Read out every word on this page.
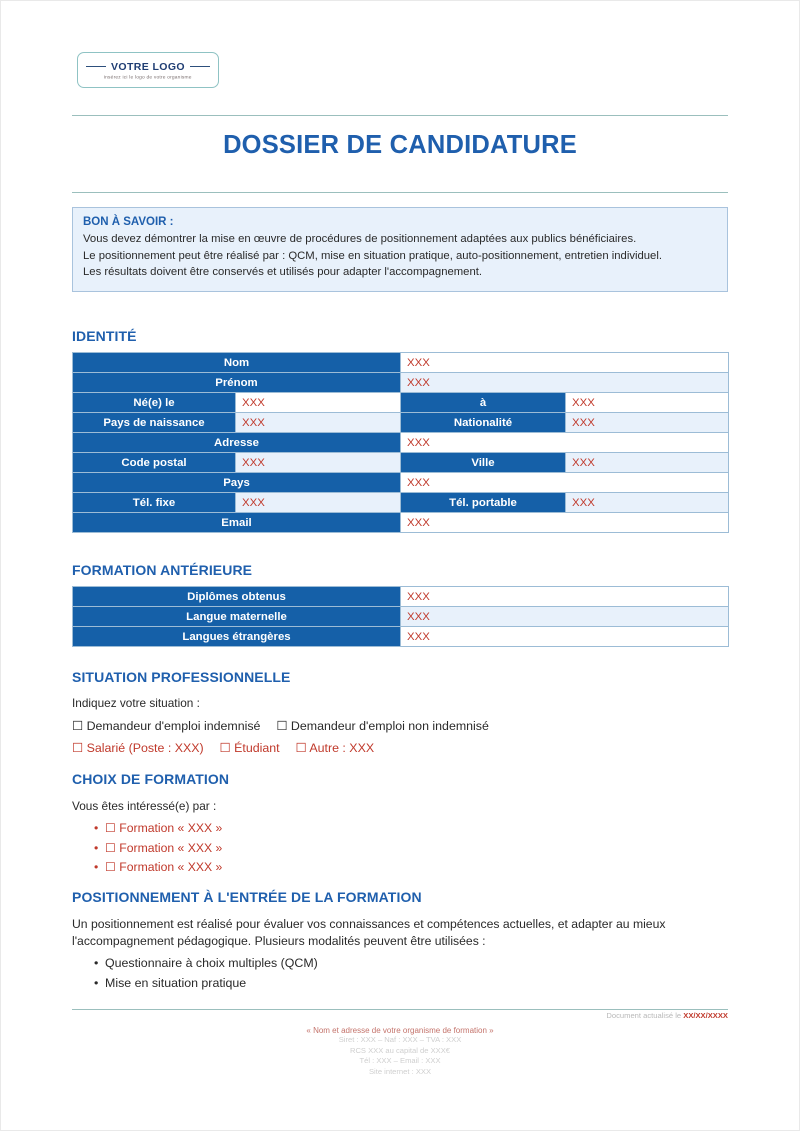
VOTRE LOGO
Insérez ici le logo de votre organisme
DOSSIER DE CANDIDATURE
BON À SAVOIR :

Vous devez démontrer la mise en œuvre de procédures de positionnement adaptées aux publics bénéficiaires.

Le positionnement peut être réalisé par : QCM, mise en situation pratique, auto-positionnement, entretien individuel.

Les résultats doivent être conservés et utilisés pour adapter l'accompagnement.

IDENTITÉ
Nom		XXX	
Prénom		XXX	
Né(e) le	XXX	à	XXX
Pays de naissance	XXX	Nationalité	XXX
Adresse		XXX	
Code postal	XXX	Ville	XXX
Pays		XXX	
Tél. fixe	XXX	Tél. portable	XXX
Email		XXX	
FORMATION ANTÉRIEURE
Diplômes obtenus	XXX
Langue maternelle	XXX
Langues étrangères	XXX
SITUATION PROFESSIONNELLE

Indiquez votre situation :

☐ Demandeur d'emploi indemnisé ☐ Demandeur d'emploi non indemnisé
☐ Salarié (Poste : XXX) ☐ Étudiant ☐ Autre : XXX
CHOIX DE FORMATION

Vous êtes intéressé(e) par :

• ☐ Formation « XXX »
• ☐ Formation « XXX »
• ☐ Formation « XXX »
POSITIONNEMENT À L'ENTRÉE DE LA FORMATION

Un positionnement est réalisé pour évaluer vos connaissances et compétences actuelles, et adapter au mieux l'accompagnement pédagogique. Plusieurs modalités peuvent être utilisées :

• Questionnaire à choix multiples (QCM)
• Mise en situation pratique
Document actualisé le XX/XX/XXXX
« Nom et adresse de votre organisme de formation »
Siret : XXX – Naf : XXX – TVA : XXX
RCS XXX au capital de XXX€
Tél : XXX – Email : XXX
Site internet : XXX
